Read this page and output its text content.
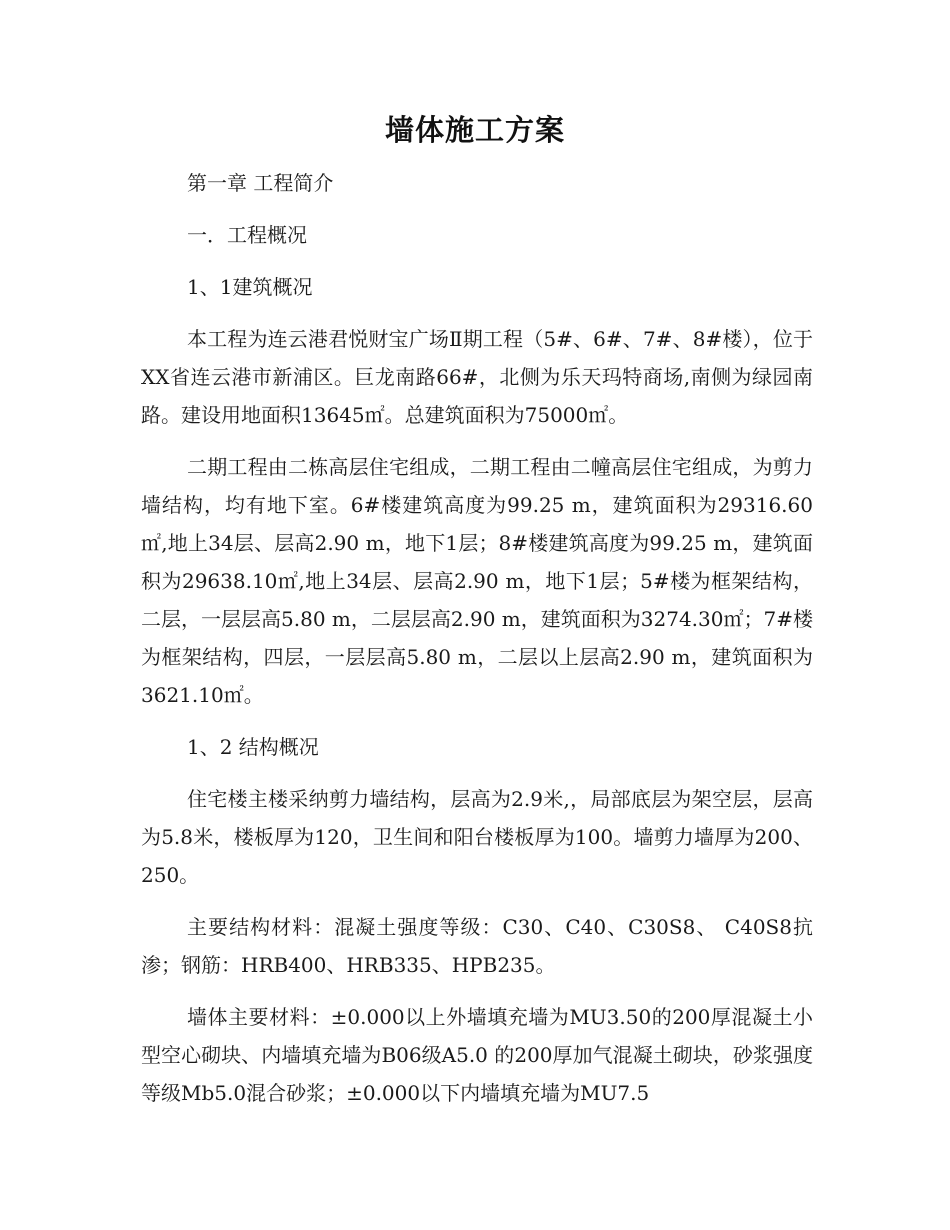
墙体施工方案

第一章 工程简介

一．工程概况

1、1建筑概况

本工程为连云港君悦财宝广场Ⅱ期工程（5#、6#、7#、8#楼），位于XX省连云港市新浦区。巨龙南路66#，北侧为乐天玛特商场,南侧为绿园南路。建设用地面积13645㎡。总建筑面积为75000㎡。

二期工程由二栋高层住宅组成，二期工程由二幢高层住宅组成，为剪力墙结构，均有地下室。6#楼建筑高度为99.25 m，建筑面积为29316.60㎡,地上34层、层高2.90 m，地下1层；8#楼建筑高度为99.25 m，建筑面积为29638.10㎡,地上34层、层高2.90 m，地下1层；5#楼为框架结构，二层，一层层高5.80 m，二层层高2.90 m，建筑面积为3274.30㎡；7#楼为框架结构，四层，一层层高5.80 m，二层以上层高2.90 m，建筑面积为3621.10㎡。

1、2 结构概况

住宅楼主楼采纳剪力墙结构，层高为2.9米,，局部底层为架空层，层高为5.8米，楼板厚为120，卫生间和阳台楼板厚为100。墙剪力墙厚为200、250。

主要结构材料：混凝土强度等级：C30、C40、C30S8、 C40S8抗渗；钢筋：HRB400、HRB335、HPB235。

墙体主要材料：±0.000以上外墙填充墙为MU3.50的200厚混凝土小型空心砌块、内墙填充墙为B06级A5.0 的200厚加气混凝土砌块，砂浆强度等级Mb5.0混合砂浆；±0.000以下内墙填充墙为MU7.5
